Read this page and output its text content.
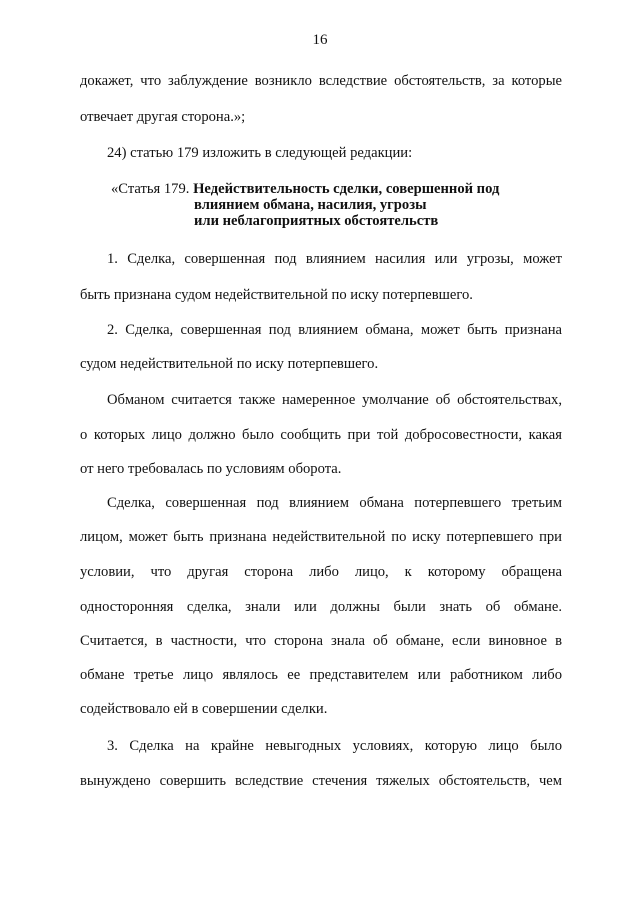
16
докажет, что заблуждение возникло вследствие обстоятельств, за которые
отвечает другая сторона.»;
24) статью 179 изложить в следующей редакции:
«Статья 179. Недействительность сделки, совершенной под
влиянием обмана, насилия, угрозы
или неблагоприятных обстоятельств
1. Сделка, совершенная под влиянием насилия или угрозы, может
быть признана судом недействительной по иску потерпевшего.
2. Сделка, совершенная под влиянием обмана, может быть признана
судом недействительной по иску потерпевшего.
Обманом считается также намеренное умолчание об обстоятельствах,
о которых лицо должно было сообщить при той добросовестности, какая
от него требовалась по условиям оборота.
Сделка, совершенная под влиянием обмана потерпевшего третьим
лицом, может быть признана недействительной по иску потерпевшего при
условии, что другая сторона либо лицо, к которому обращена
односторонняя сделка, знали или должны были знать об обмане.
Считается, в частности, что сторона знала об обмане, если виновное в
обмане третье лицо являлось ее представителем или работником либо
содействовало ей в совершении сделки.
3. Сделка на крайне невыгодных условиях, которую лицо было
вынуждено совершить вследствие стечения тяжелых обстоятельств, чем
